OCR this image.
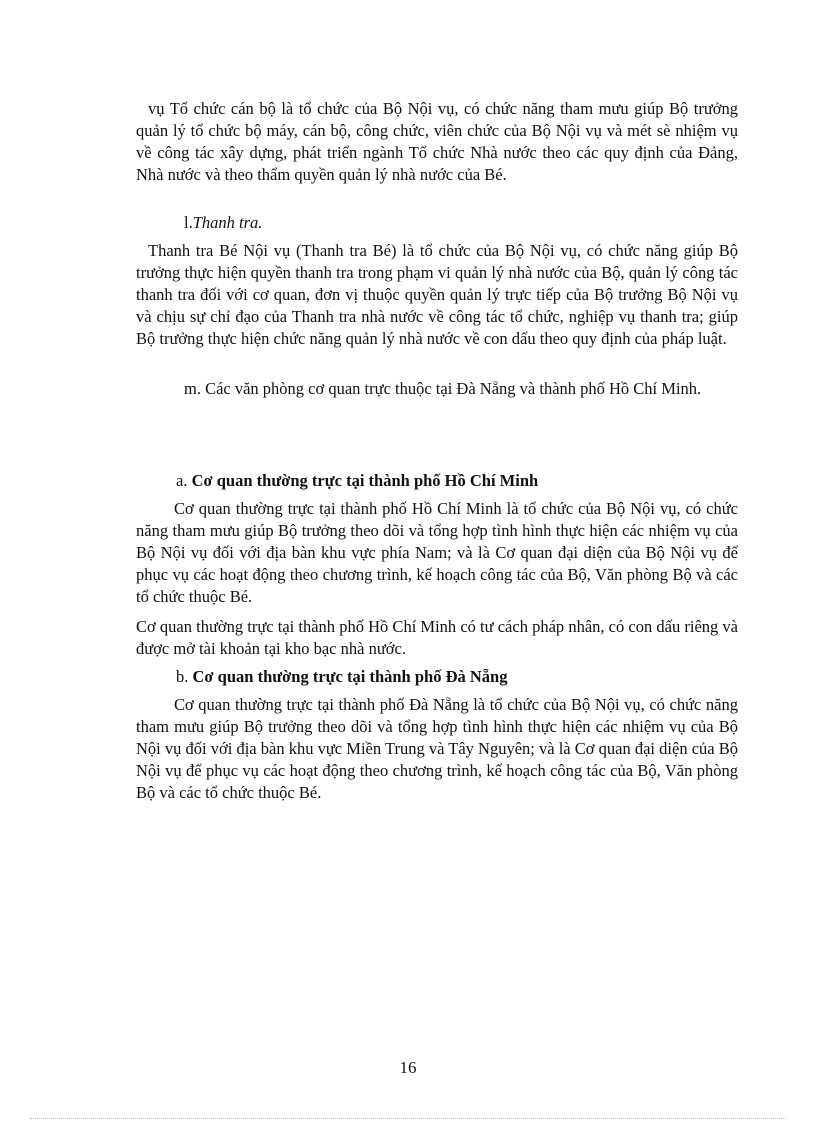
vụ Tổ chức cán bộ là tổ chức của Bộ Nội vụ, có chức năng tham mưu giúp Bộ trưởng quản lý tổ chức bộ máy, cán bộ, công chức, viên chức của Bộ Nội vụ và mét sè nhiệm vụ về công tác xây dựng, phát triển ngành Tổ chức Nhà nước theo các quy định của Đảng, Nhà nước và theo thẩm quyền quản lý nhà nước của Bé.

l.Thanh tra.

Thanh tra Bé Nội vụ (Thanh tra Bé) là tổ chức của Bộ Nội vụ, có chức năng giúp Bộ trưởng thực hiện quyền thanh tra trong phạm vi quản lý nhà nước của Bộ, quản lý công tác thanh tra đối với cơ quan, đơn vị thuộc quyền quản lý trực tiếp của Bộ trưởng Bộ Nội vụ và chịu sự chỉ đạo của Thanh tra nhà nước về công tác tổ chức, nghiệp vụ thanh tra; giúp Bộ trưởng thực hiện chức năng quản lý nhà nước về con dấu theo quy định của pháp luật.

m. Các văn phòng cơ quan trực thuộc tại Đà Nẵng và thành phố Hồ Chí Minh.

a. Cơ quan thường trực tại thành phố Hồ Chí Minh

Cơ quan thường trực tại thành phố Hồ Chí Minh là tổ chức của Bộ Nội vụ, có chức năng tham mưu giúp Bộ trưởng theo dõi và tổng hợp tình hình thực hiện các nhiệm vụ của Bộ Nội vụ đối với địa bàn khu vực phía Nam; và là Cơ quan đại diện của Bộ Nội vụ để phục vụ các hoạt động theo chương trình, kế hoạch công tác của Bộ, Văn phòng Bộ và các tổ chức thuộc Bé.

Cơ quan thường trực tại thành phố Hồ Chí Minh có tư cách pháp nhân, có con dấu riêng và được mở tài khoản tại kho bạc nhà nước.

b. Cơ quan thường trực tại thành phố Đà Nẵng

Cơ quan thường trực tại thành phố Đà Nẵng là tổ chức của Bộ Nội vụ, có chức năng tham mưu giúp Bộ trưởng theo dõi và tổng hợp tình hình thực hiện các nhiệm vụ của Bộ Nội vụ đối với địa bàn khu vực Miền Trung và Tây Nguyên; và là Cơ quan đại diện của Bộ Nội vụ để phục vụ các hoạt động theo chương trình, kế hoạch công tác của Bộ, Văn phòng Bộ và các tổ chức thuộc Bé.

16
